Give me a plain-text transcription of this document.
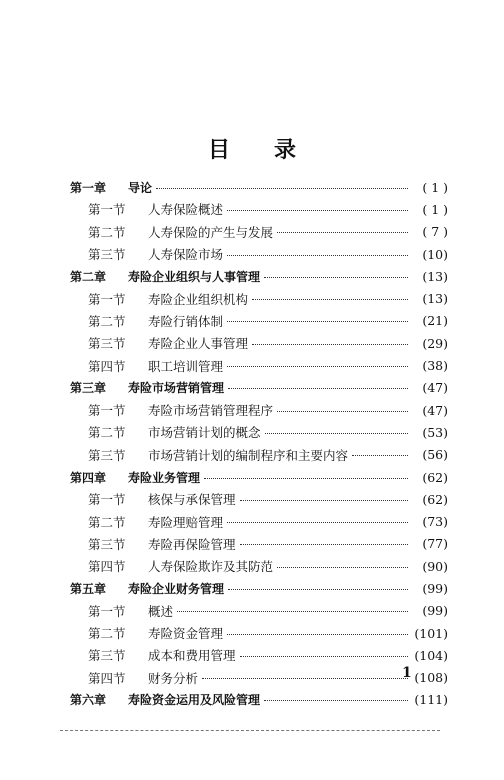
目 录
第一章	导论	( 1 )
第一节	人寿保险概述	( 1 )
第二节	人寿保险的产生与发展	( 7 )
第三节	人寿保险市场	(10)
第二章	寿险企业组织与人事管理	(13)
第一节	寿险企业组织机构	(13)
第二节	寿险行销体制	(21)
第三节	寿险企业人事管理	(29)
第四节	职工培训管理	(38)
第三章	寿险市场营销管理	(47)
第一节	寿险市场营销管理程序	(47)
第二节	市场营销计划的概念	(53)
第三节	市场营销计划的编制程序和主要内容	(56)
第四章	寿险业务管理	(62)
第一节	核保与承保管理	(62)
第二节	寿险理赔管理	(73)
第三节	寿险再保险管理	(77)
第四节	人寿保险欺诈及其防范	(90)
第五章	寿险企业财务管理	(99)
第一节	概述	(99)
第二节	寿险资金管理	(101)
第三节	成本和费用管理	(104)
第四节	财务分析	(108)
第六章	寿险资金运用及风险管理	(111)
1
